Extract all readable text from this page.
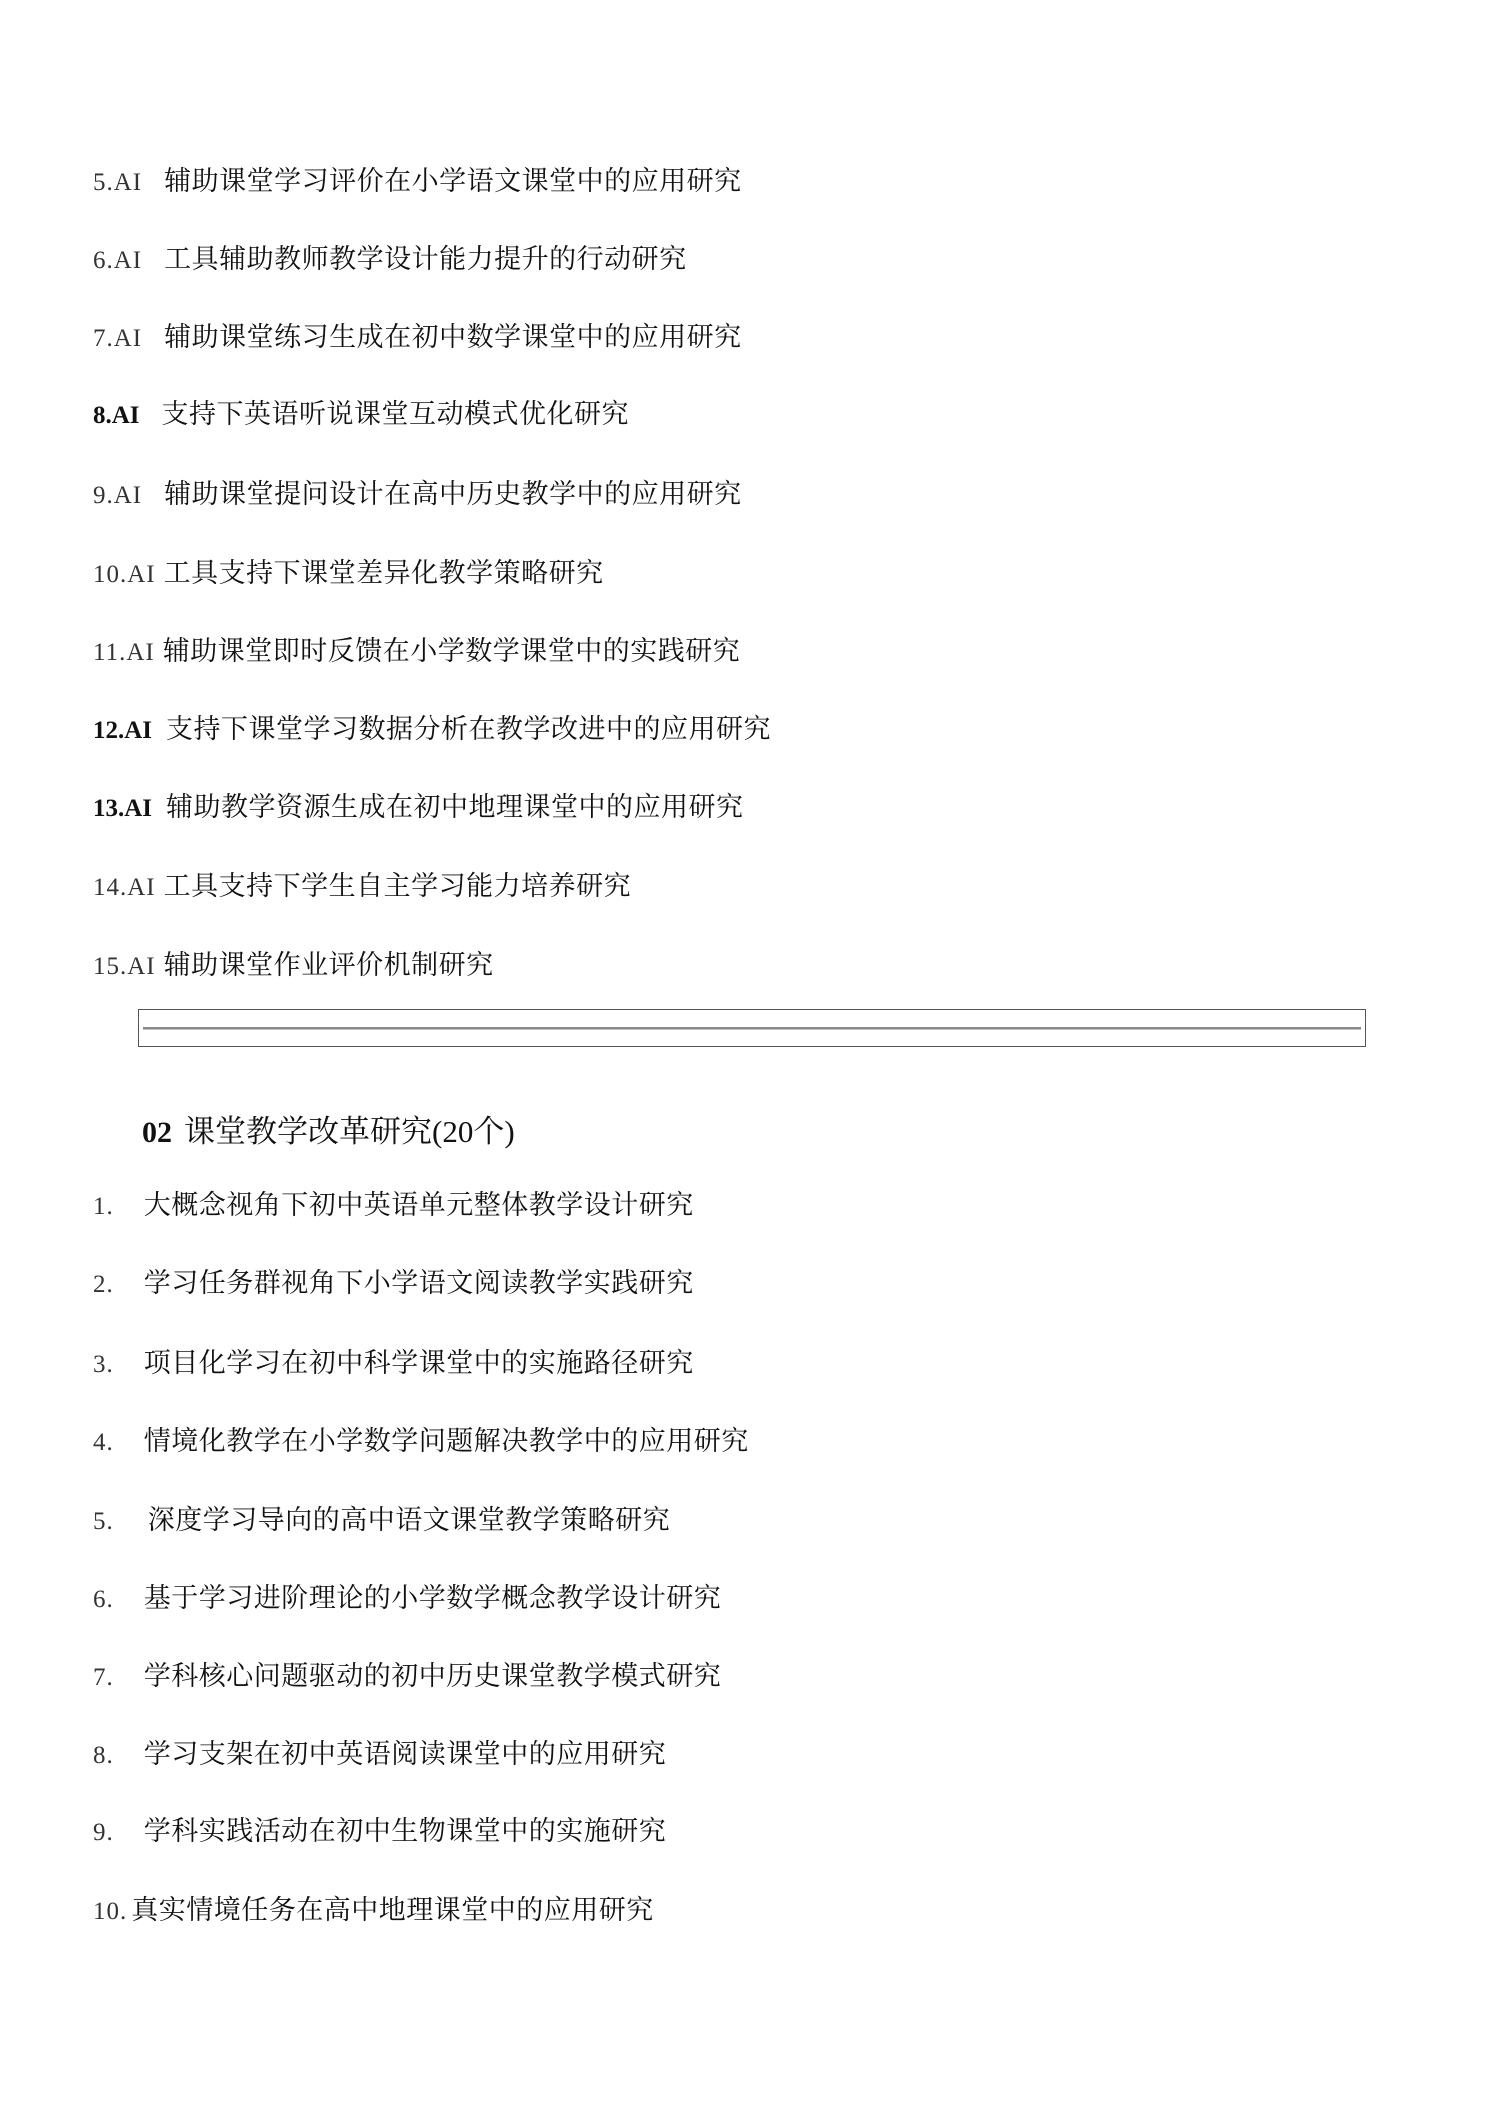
5.AI 辅助课堂学习评价在小学语文课堂中的应用研究
6.AI 工具辅助教师教学设计能力提升的行动研究
7.AI 辅助课堂练习生成在初中数学课堂中的应用研究
8.AI 支持下英语听说课堂互动模式优化研究
9.AI 辅助课堂提问设计在高中历史教学中的应用研究
10.AI 工具支持下课堂差异化教学策略研究
11.AI 辅助课堂即时反馈在小学数学课堂中的实践研究
12.AI 支持下课堂学习数据分析在教学改进中的应用研究
13.AI 辅助教学资源生成在初中地理课堂中的应用研究
14.AI 工具支持下学生自主学习能力培养研究
15.AI 辅助课堂作业评价机制研究
02 课堂教学改革研究(20个)
1. 大概念视角下初中英语单元整体教学设计研究
2. 学习任务群视角下小学语文阅读教学实践研究
3. 项目化学习在初中科学课堂中的实施路径研究
4. 情境化教学在小学数学问题解决教学中的应用研究
5. 深度学习导向的高中语文课堂教学策略研究
6. 基于学习进阶理论的小学数学概念教学设计研究
7. 学科核心问题驱动的初中历史课堂教学模式研究
8. 学习支架在初中英语阅读课堂中的应用研究
9. 学科实践活动在初中生物课堂中的实施研究
10. 真实情境任务在高中地理课堂中的应用研究
